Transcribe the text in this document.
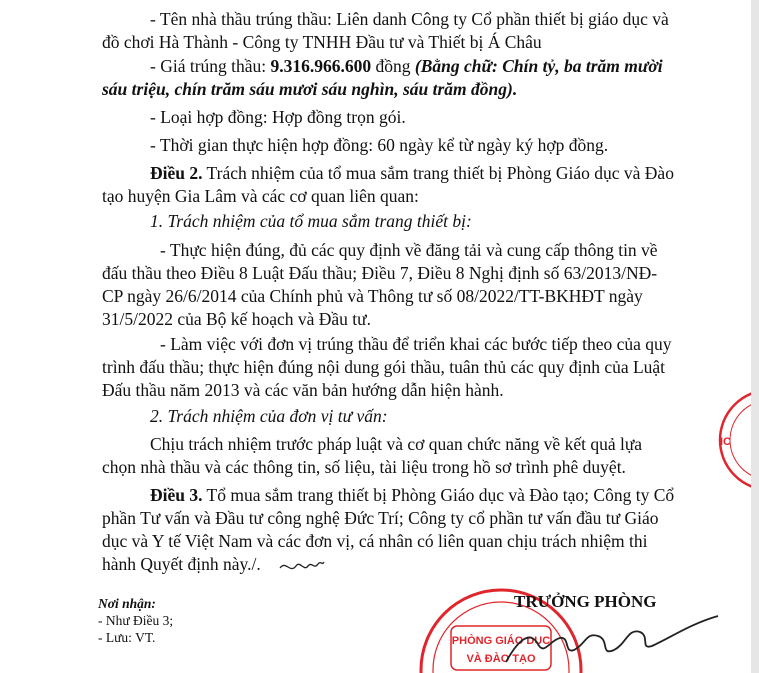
- Tên nhà thầu trúng thầu: Liên danh Công ty Cổ phần thiết bị giáo dục và
đồ chơi Hà Thành - Công ty TNHH Đầu tư và Thiết bị Á Châu
- Giá trúng thầu: 9.316.966.600 đồng (Bằng chữ: Chín tỷ, ba trăm mười
sáu triệu, chín trăm sáu mươi sáu nghìn, sáu trăm đồng).
- Loại hợp đồng: Hợp đồng trọn gói.
- Thời gian thực hiện hợp đồng: 60 ngày kể từ ngày ký hợp đồng.
Điều 2. Trách nhiệm của tổ mua sắm trang thiết bị Phòng Giáo dục và Đào
tạo huyện Gia Lâm và các cơ quan liên quan:
1. Trách nhiệm của tổ mua sắm trang thiết bị:
- Thực hiện đúng, đủ các quy định về đăng tải và cung cấp thông tin về
đấu thầu theo Điều 8 Luật Đấu thầu; Điều 7, Điều 8 Nghị định số 63/2013/NĐ-
CP ngày 26/6/2014 của Chính phủ và Thông tư số 08/2022/TT-BKHĐT ngày
31/5/2022 của Bộ kế hoạch và Đầu tư.
- Làm việc với đơn vị trúng thầu để triển khai các bước tiếp theo của quy
trình đấu thầu; thực hiện đúng nội dung gói thầu, tuân thủ các quy định của Luật
Đấu thầu năm 2013 và các văn bản hướng dẫn hiện hành.
2. Trách nhiệm của đơn vị tư vấn:
Chịu trách nhiệm trước pháp luật và cơ quan chức năng về kết quả lựa
chọn nhà thầu và các thông tin, số liệu, tài liệu trong hồ sơ trình phê duyệt.
Điều 3. Tổ mua sắm trang thiết bị Phòng Giáo dục và Đào tạo; Công ty Cổ
phần Tư vấn và Đầu tư công nghệ Đức Trí; Công ty cổ phần tư vấn đầu tư Giáo
dục và Y tế Việt Nam và các đơn vị, cá nhân có liên quan chịu trách nhiệm thi
hành Quyết định này./.
Nơi nhận:
- Như Điều 3;
- Lưu: VT.	PHÒNG GIÁO DỤC
VÀ ĐÀO TẠO
TRƯỞNG PHÒNG
IC
